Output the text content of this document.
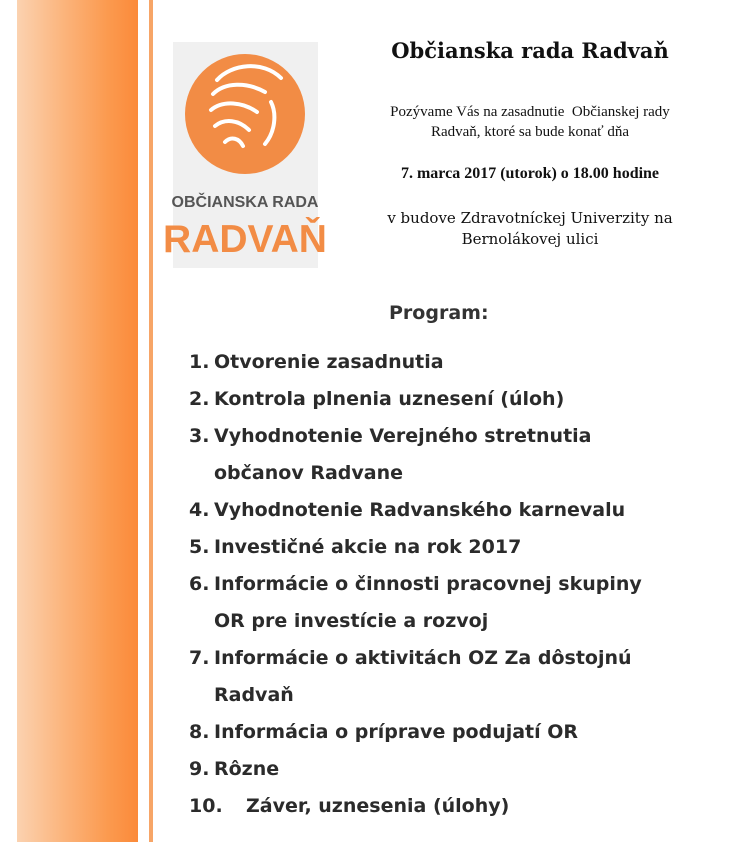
OBČIANSKA RADA
RADVAŇ
Občianska rada Radvaň
Pozývame Vás na zasadnutie  Občianskej rady
Radvaň, ktoré sa bude konať dňa
7. marca 2017 (utorok) o 18.00 hodine
v budove Zdravotníckej Univerzity na
Bernolákovej ulici
Program:
1. Otvorenie zasadnutia
2. Kontrola plnenia uznesení (úloh)
3. Vyhodnotenie Verejného stretnutia
občanov Radvane
4. Vyhodnotenie Radvanského karnevalu
5. Investičné akcie na rok 2017
6. Informácie o činnosti pracovnej skupiny
OR pre investície a rozvoj
7. Informácie o aktivitách OZ Za dôstojnú
Radvaň
8. Informácia o príprave podujatí OR
9. Rôzne
10.	Záver, uznesenia (úlohy)
